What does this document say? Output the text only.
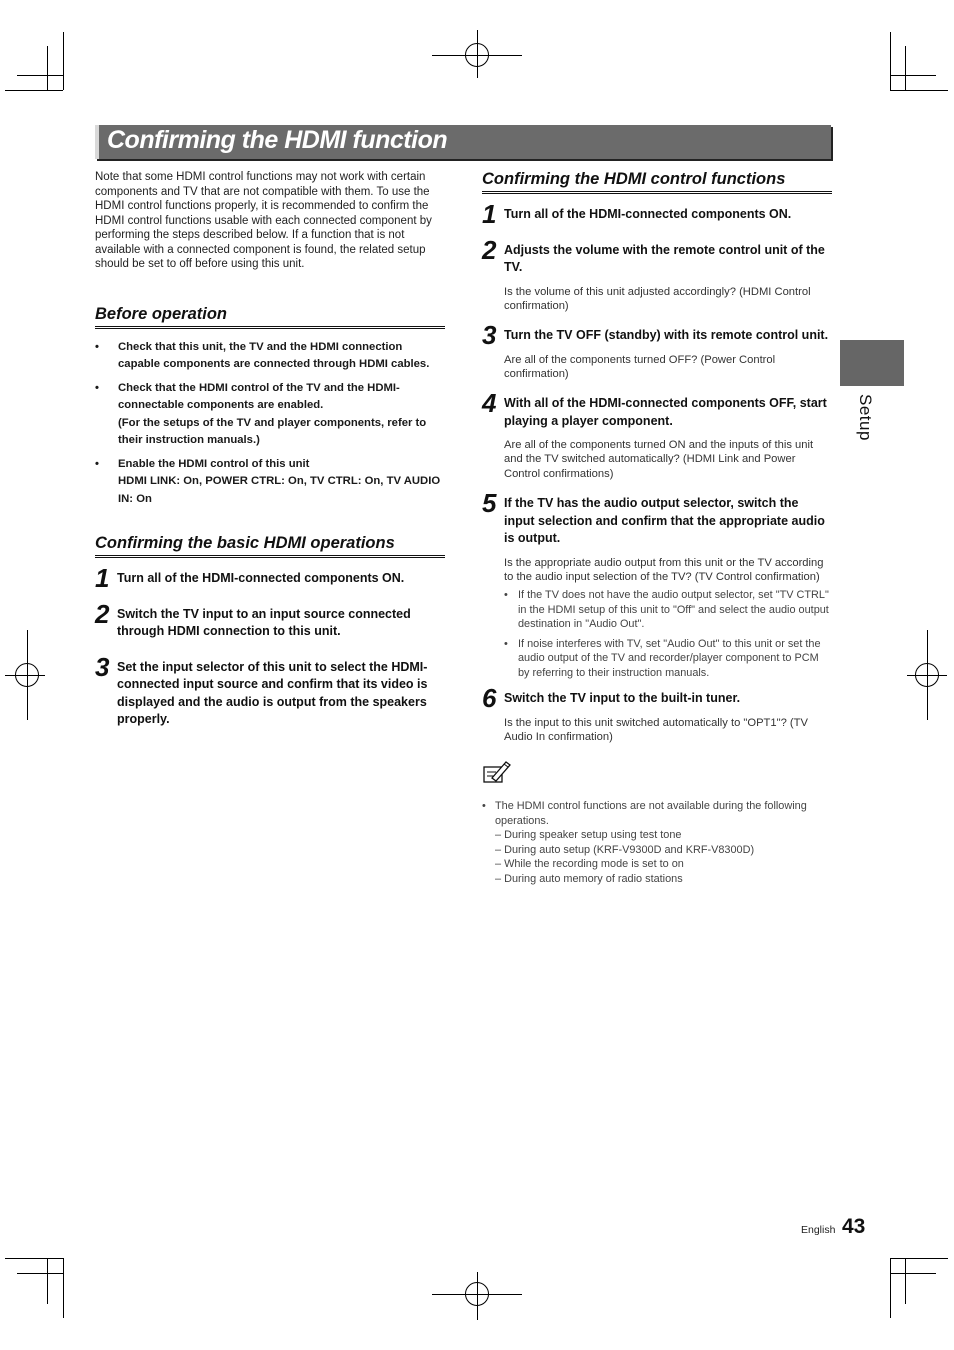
Confirming the HDMI function

Note that some HDMI control functions may not work with certain components and TV that are not compatible with them. To use the HDMI control functions properly, it is recommended to confirm the HDMI control functions usable with each connected component by performing the steps described below. If a function that is not available with a connected component is found, the related setup should be set to off before using this unit.

Before operation
• Check that this unit, the TV and the HDMI connection capable components are connected through HDMI cables.
• Check that the HDMI control of the TV and the HDMI-connectable components are enabled.
(For the setups of the TV and player components, refer to their instruction manuals.)
• Enable the HDMI control of this unit
HDMI LINK: On, POWER CTRL: On, TV CTRL: On, TV AUDIO IN: On
Confirming the basic HDMI operations
1 Turn all of the HDMI-connected components ON.
2 Switch the TV input to an input source connected through HDMI connection to this unit.
3 Set the input selector of this unit to select the HDMI-connected input source and confirm that its video is displayed and the audio is output from the speakers properly.
Confirming the HDMI control functions
1 Turn all of the HDMI-connected components ON.
2 Adjusts the volume with the remote control unit of the TV.
Is the volume of this unit adjusted accordingly? (HDMI Control confirmation)
3 Turn the TV OFF (standby) with its remote control unit.
Are all of the components turned OFF? (Power Control confirmation)
4 With all of the HDMI-connected components OFF, start playing a player component.
Are all of the components turned ON and the inputs of this unit and the TV switched automatically? (HDMI Link and Power Control confirmations)
5 If the TV has the audio output selector, switch the input selection and confirm that the appropriate audio is output.
Is the appropriate audio output from this unit or the TV according to the audio input selection of the TV? (TV Control confirmation)
• If the TV does not have the audio output selector, set "TV CTRL" in the HDMI setup of this unit to "Off" and select the audio output destination in "Audio Out".
• If noise interferes with TV, set "Audio Out" to this unit or set the audio output of the TV and recorder/player component to PCM by referring to their instruction manuals.
6 Switch the TV input to the built-in tuner.
Is the input to this unit switched automatically to "OPT1"? (TV Audio In confirmation)
• The HDMI control functions are not available during the following operations.
– During speaker setup using test tone
– During auto setup (KRF-V9300D and KRF-V8300D)
– While the recording mode is set to on
– During auto memory of radio stations
Setup
English 43
